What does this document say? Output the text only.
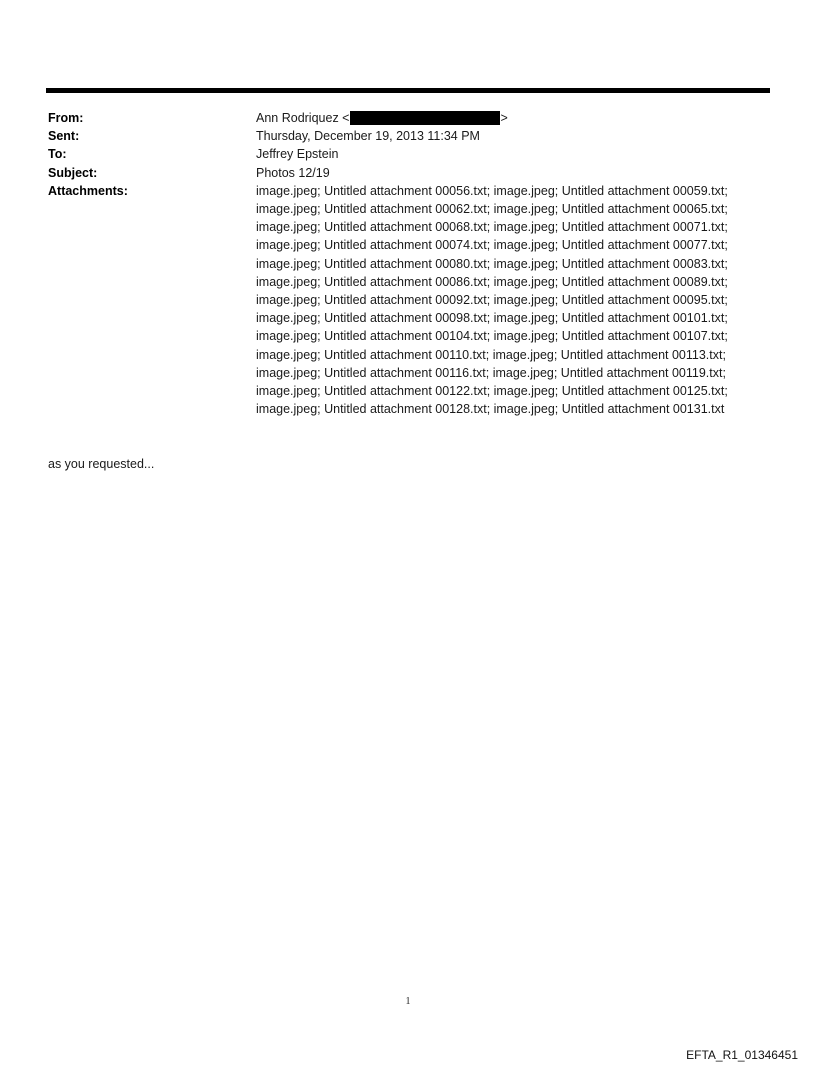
From:	Ann Rodriquez <	>
Sent:	Thursday, December 19, 2013 11:34 PM
To:	Jeffrey Epstein
Subject:	Photos 12/19
Attachments:	image.jpeg; Untitled attachment 00056.txt; image.jpeg; Untitled attachment 00059.txt;
image.jpeg; Untitled attachment 00062.txt; image.jpeg; Untitled attachment 00065.txt;
image.jpeg; Untitled attachment 00068.txt; image.jpeg; Untitled attachment 00071.txt;
image.jpeg; Untitled attachment 00074.txt; image.jpeg; Untitled attachment 00077.txt;
image.jpeg; Untitled attachment 00080.txt; image.jpeg; Untitled attachment 00083.txt;
image.jpeg; Untitled attachment 00086.txt; image.jpeg; Untitled attachment 00089.txt;
image.jpeg; Untitled attachment 00092.txt; image.jpeg; Untitled attachment 00095.txt;
image.jpeg; Untitled attachment 00098.txt; image.jpeg; Untitled attachment 00101.txt;
image.jpeg; Untitled attachment 00104.txt; image.jpeg; Untitled attachment 00107.txt;
image.jpeg; Untitled attachment 00110.txt; image.jpeg; Untitled attachment 00113.txt;
image.jpeg; Untitled attachment 00116.txt; image.jpeg; Untitled attachment 00119.txt;
image.jpeg; Untitled attachment 00122.txt; image.jpeg; Untitled attachment 00125.txt;
image.jpeg; Untitled attachment 00128.txt; image.jpeg; Untitled attachment 00131.txt
as you requested...
1
EFTA_R1_01346451
